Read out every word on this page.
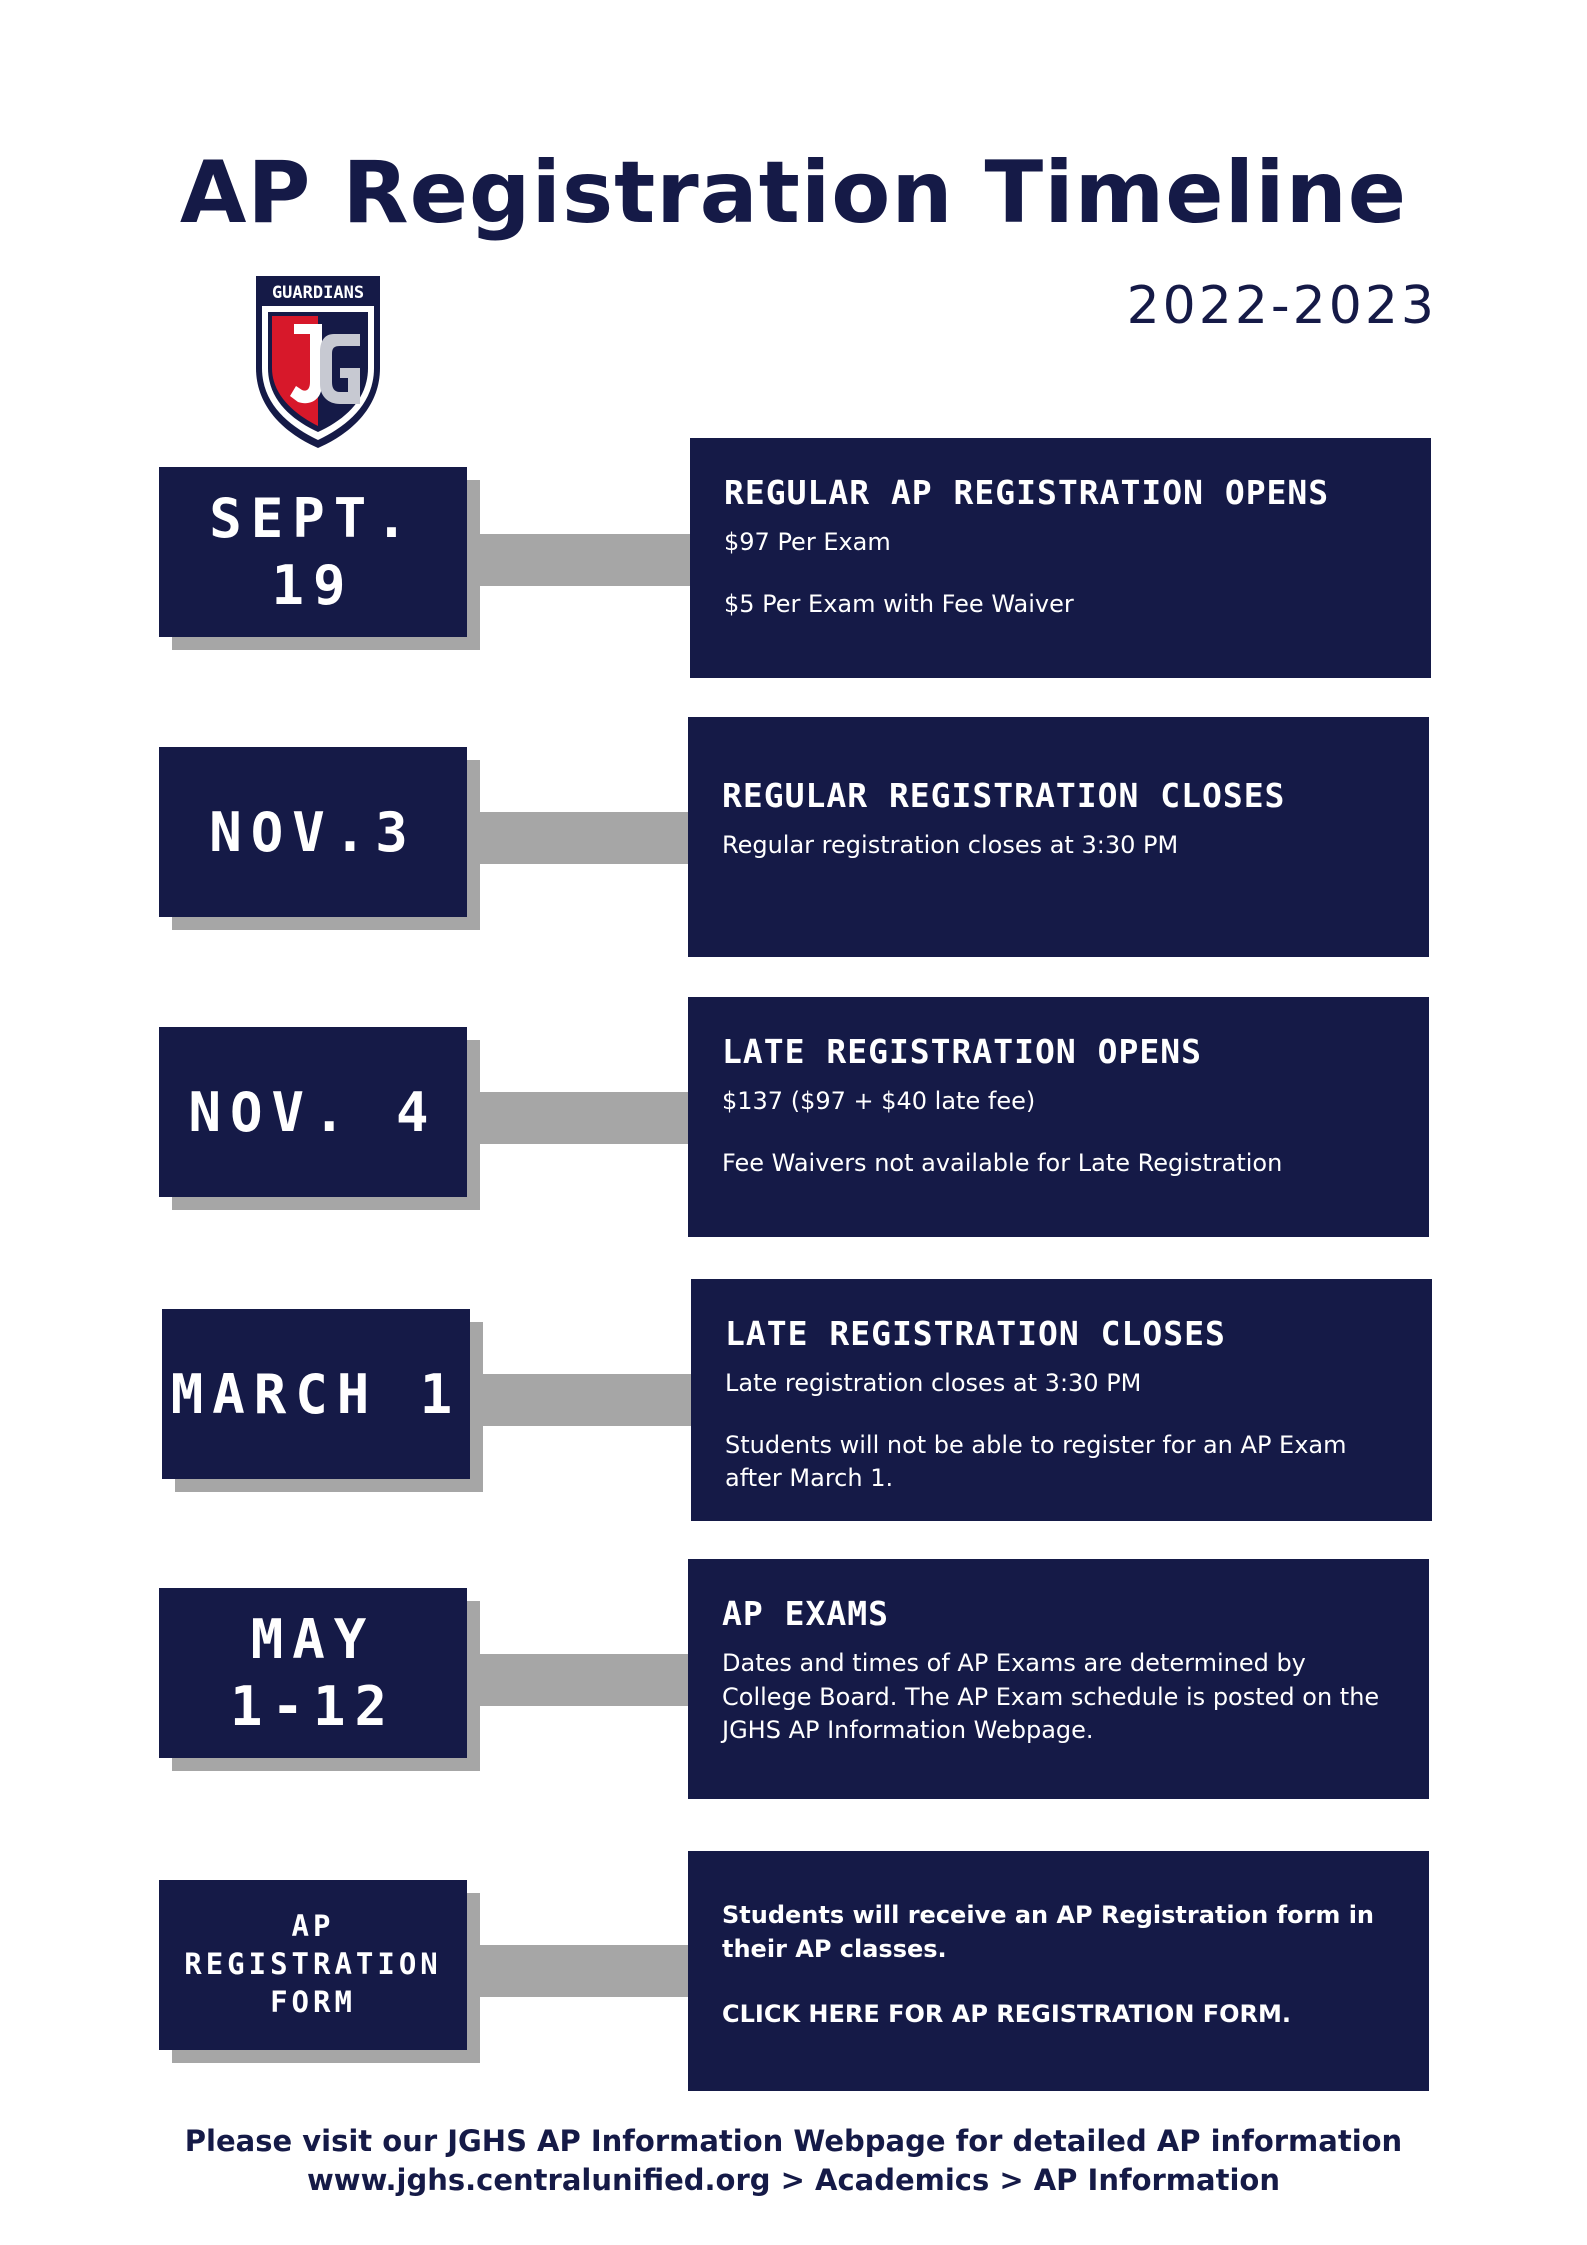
AP Registration Timeline
2022-2023
GUARDIANS
SEPT.
19

REGULAR AP REGISTRATION OPENS

$97 Per Exam

$5 Per Exam with Fee Waiver

NOV.3

REGULAR REGISTRATION CLOSES

Regular registration closes at 3:30 PM

NOV. 4

LATE REGISTRATION OPENS

$137 ($97 + $40 late fee)

Fee Waivers not available for Late Registration

MARCH 1

LATE REGISTRATION CLOSES

Late registration closes at 3:30 PM

Students will not be able to register for an AP Exam after March 1.

MAY
1-12

AP EXAMS

Dates and times of AP Exams are determined by College Board. The AP Exam schedule is posted on the JGHS AP Information Webpage.

AP
REGISTRATION
FORM

Students will receive an AP Registration form in their AP classes.

CLICK HERE FOR AP REGISTRATION FORM.

Please visit our JGHS AP Information Webpage for detailed AP information
www.jghs.centralunified.org > Academics > AP Information
